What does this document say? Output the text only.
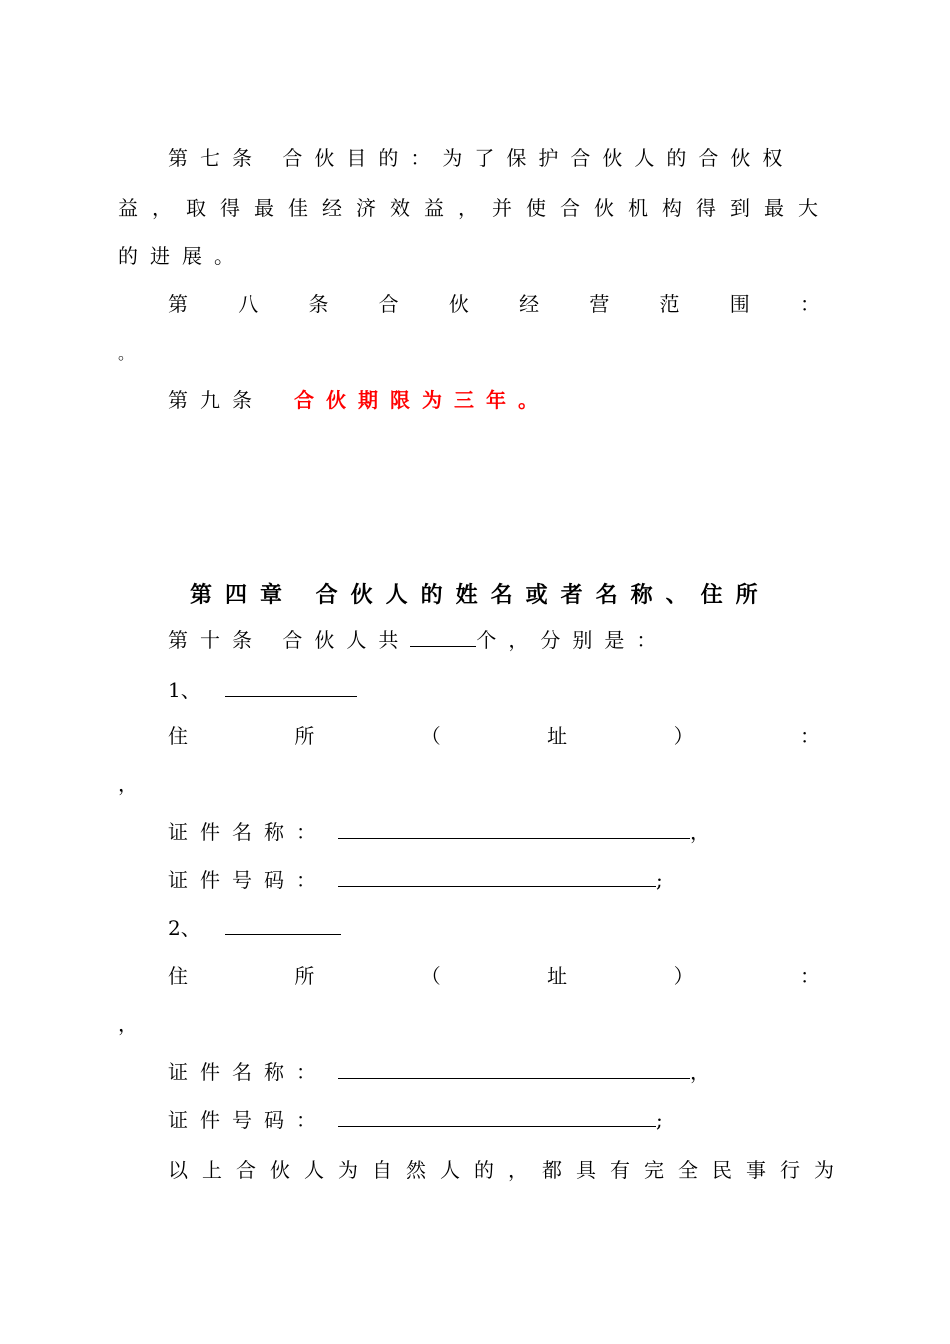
第七条 合伙目的：为了保护合伙人的合伙权
益，取得最佳经济效益，并使合伙机构得到最大
的进展。
第	八	条	合	伙	经	营	范	围	：
。
第九条 合伙期限为三年。
第四章 合伙人的姓名或者名称、住所
第十条 合伙人共	个，分别是：
1、
住	所	（	址	）	：
，
证件名称：	，
证件号码：	;
2、
住	所	（	址	）	：
，
证件名称：	，
证件号码：	;
以上合伙人为自然人的，都具有完全民事行为
